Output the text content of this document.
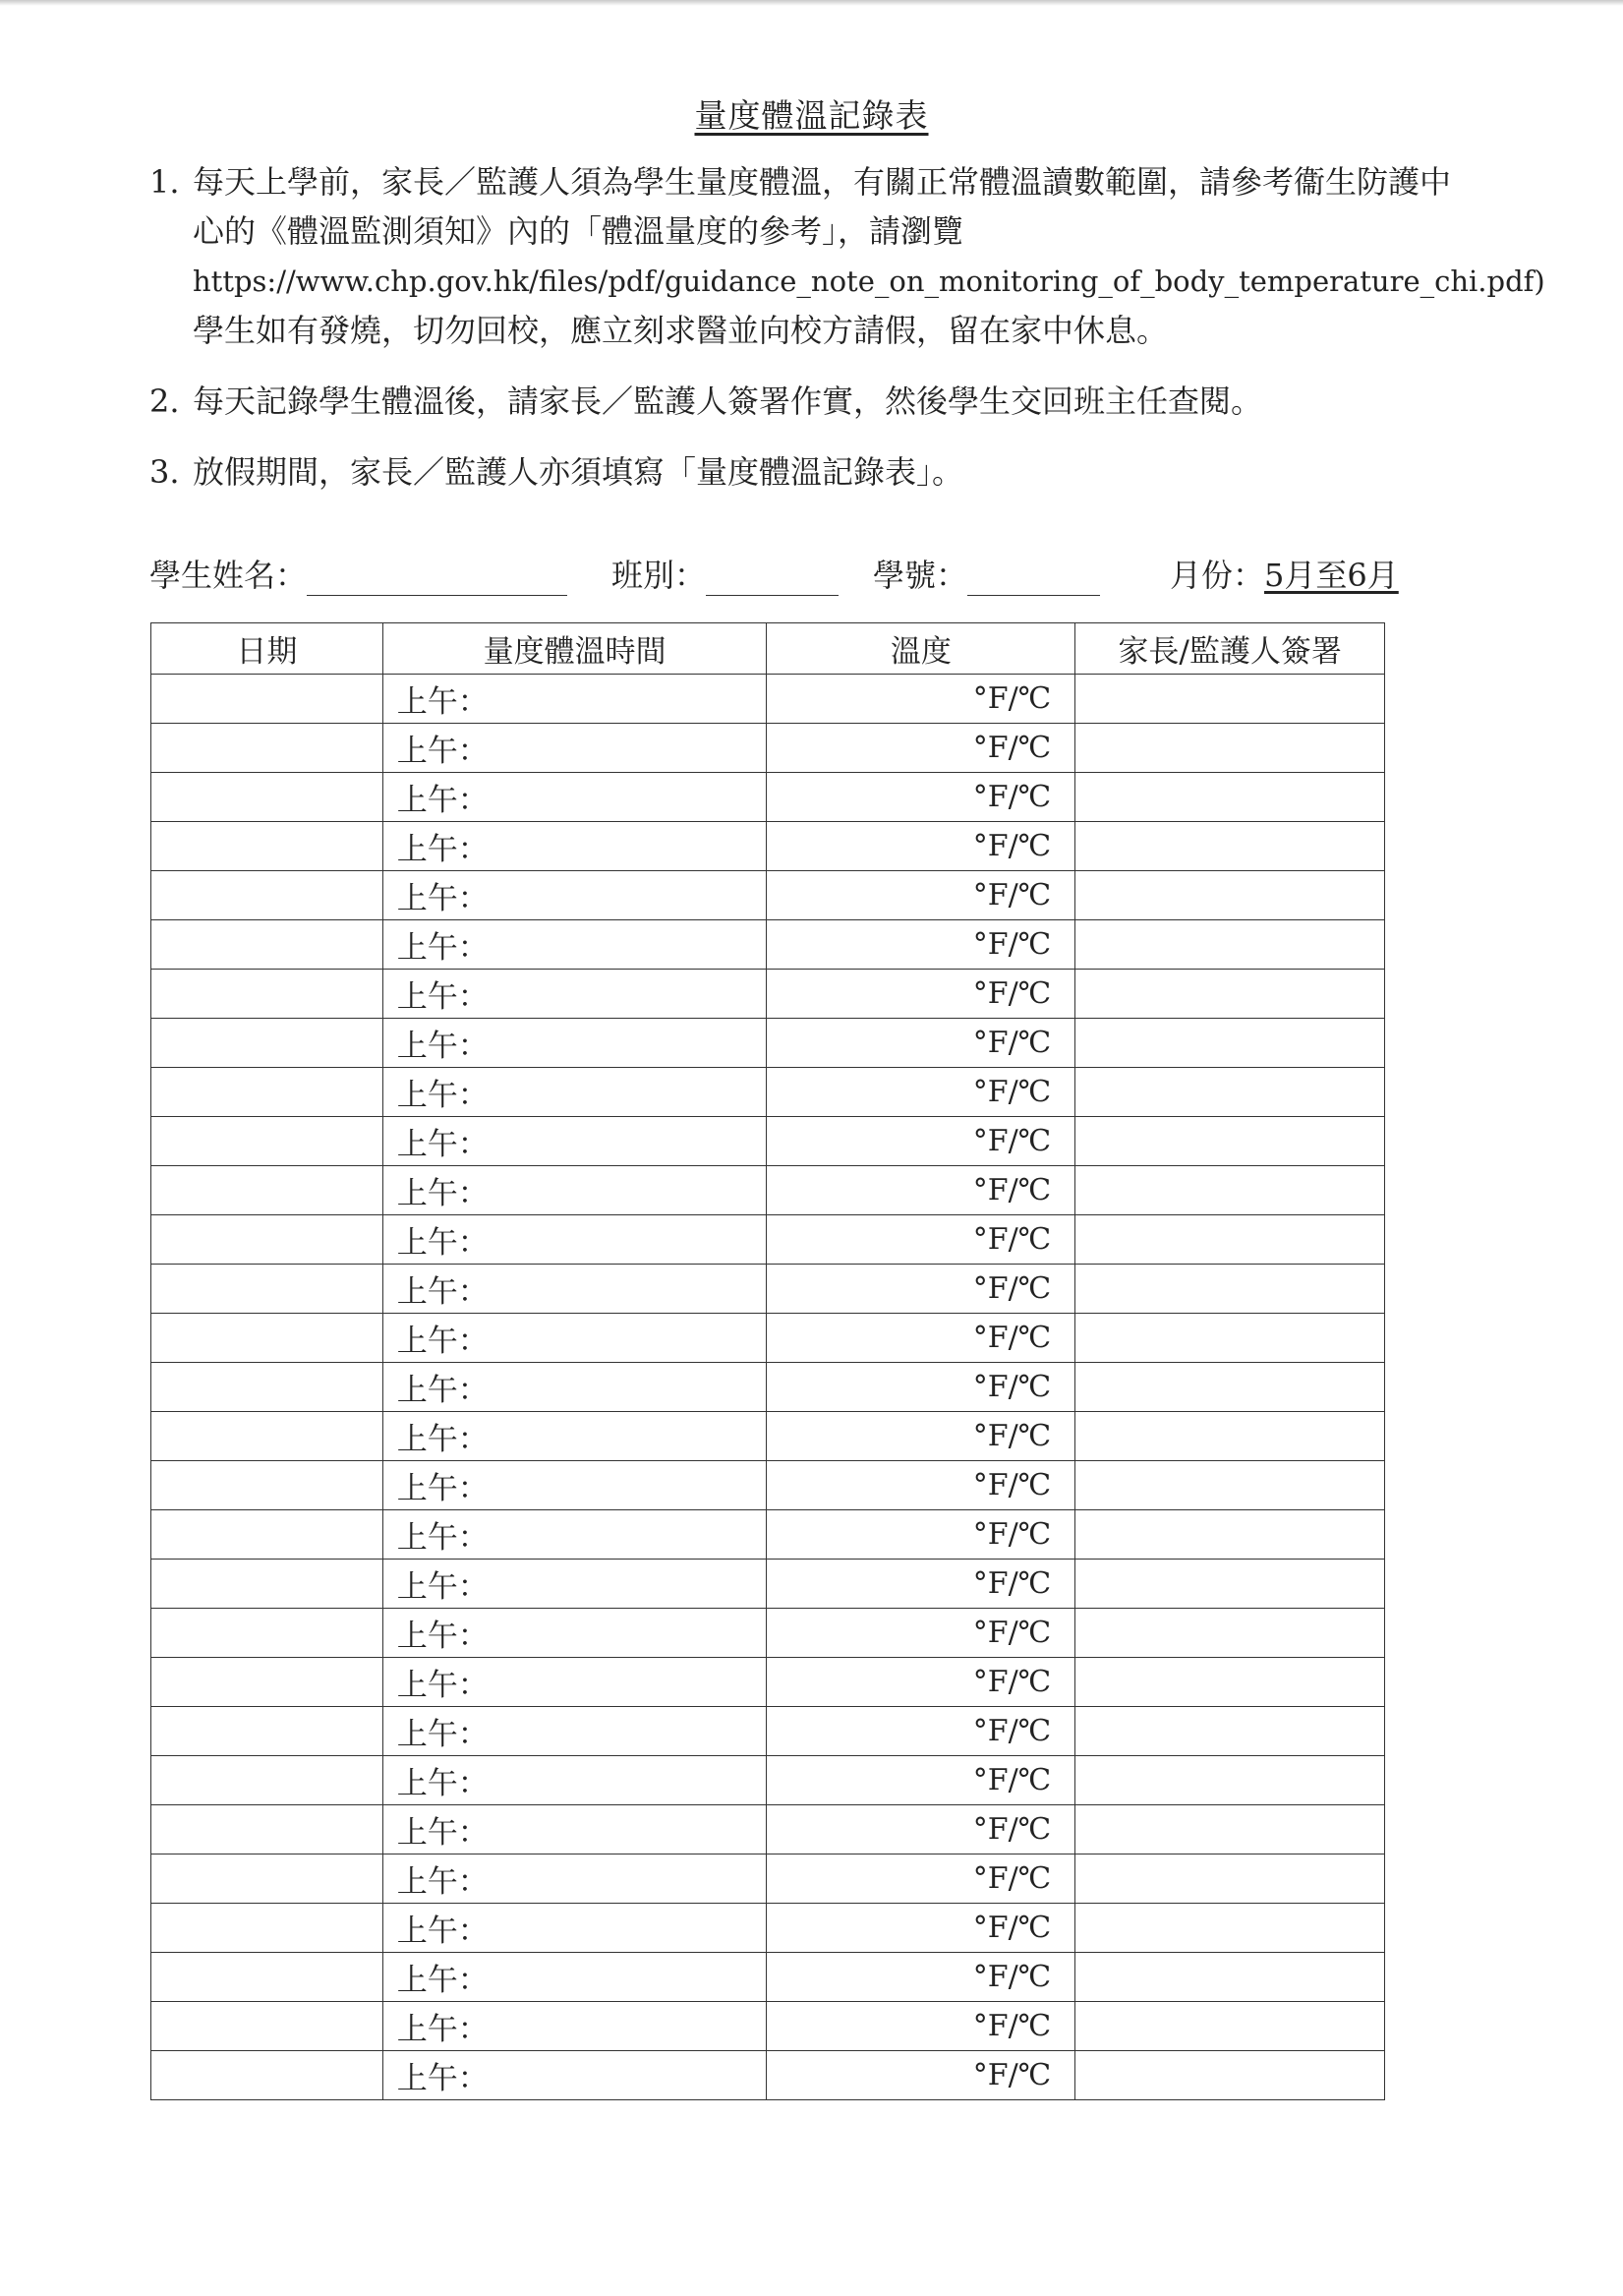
量度體溫記錄表
1. 每天上學前，家長／監護人須為學生量度體溫，有關正常體溫讀數範圍，請參考衞生防護中心的《體溫監測須知》內的「體溫量度的參考」，請瀏覽
https://www.chp.gov.hk/files/pdf/guidance_note_on_monitoring_of_body_temperature_chi.pdf)
學生如有發燒，切勿回校，應立刻求醫並向校方請假，留在家中休息。
2. 每天記錄學生體溫後，請家長／監護人簽署作實，然後學生交回班主任查閱。
3. 放假期間，家長／監護人亦須填寫「量度體溫記錄表」。
學生姓名：	班別：	學號：	月份：5月至6月
日期	量度體溫時間	溫度	家長/監護人簽署
	上午：	°F/℃	
	上午：	°F/℃	
	上午：	°F/℃	
	上午：	°F/℃	
	上午：	°F/℃	
	上午：	°F/℃	
	上午：	°F/℃	
	上午：	°F/℃	
	上午：	°F/℃	
	上午：	°F/℃	
	上午：	°F/℃	
	上午：	°F/℃	
	上午：	°F/℃	
	上午：	°F/℃	
	上午：	°F/℃	
	上午：	°F/℃	
	上午：	°F/℃	
	上午：	°F/℃	
	上午：	°F/℃	
	上午：	°F/℃	
	上午：	°F/℃	
	上午：	°F/℃	
	上午：	°F/℃	
	上午：	°F/℃	
	上午：	°F/℃	
	上午：	°F/℃	
	上午：	°F/℃	
	上午：	°F/℃	
	上午：	°F/℃	
